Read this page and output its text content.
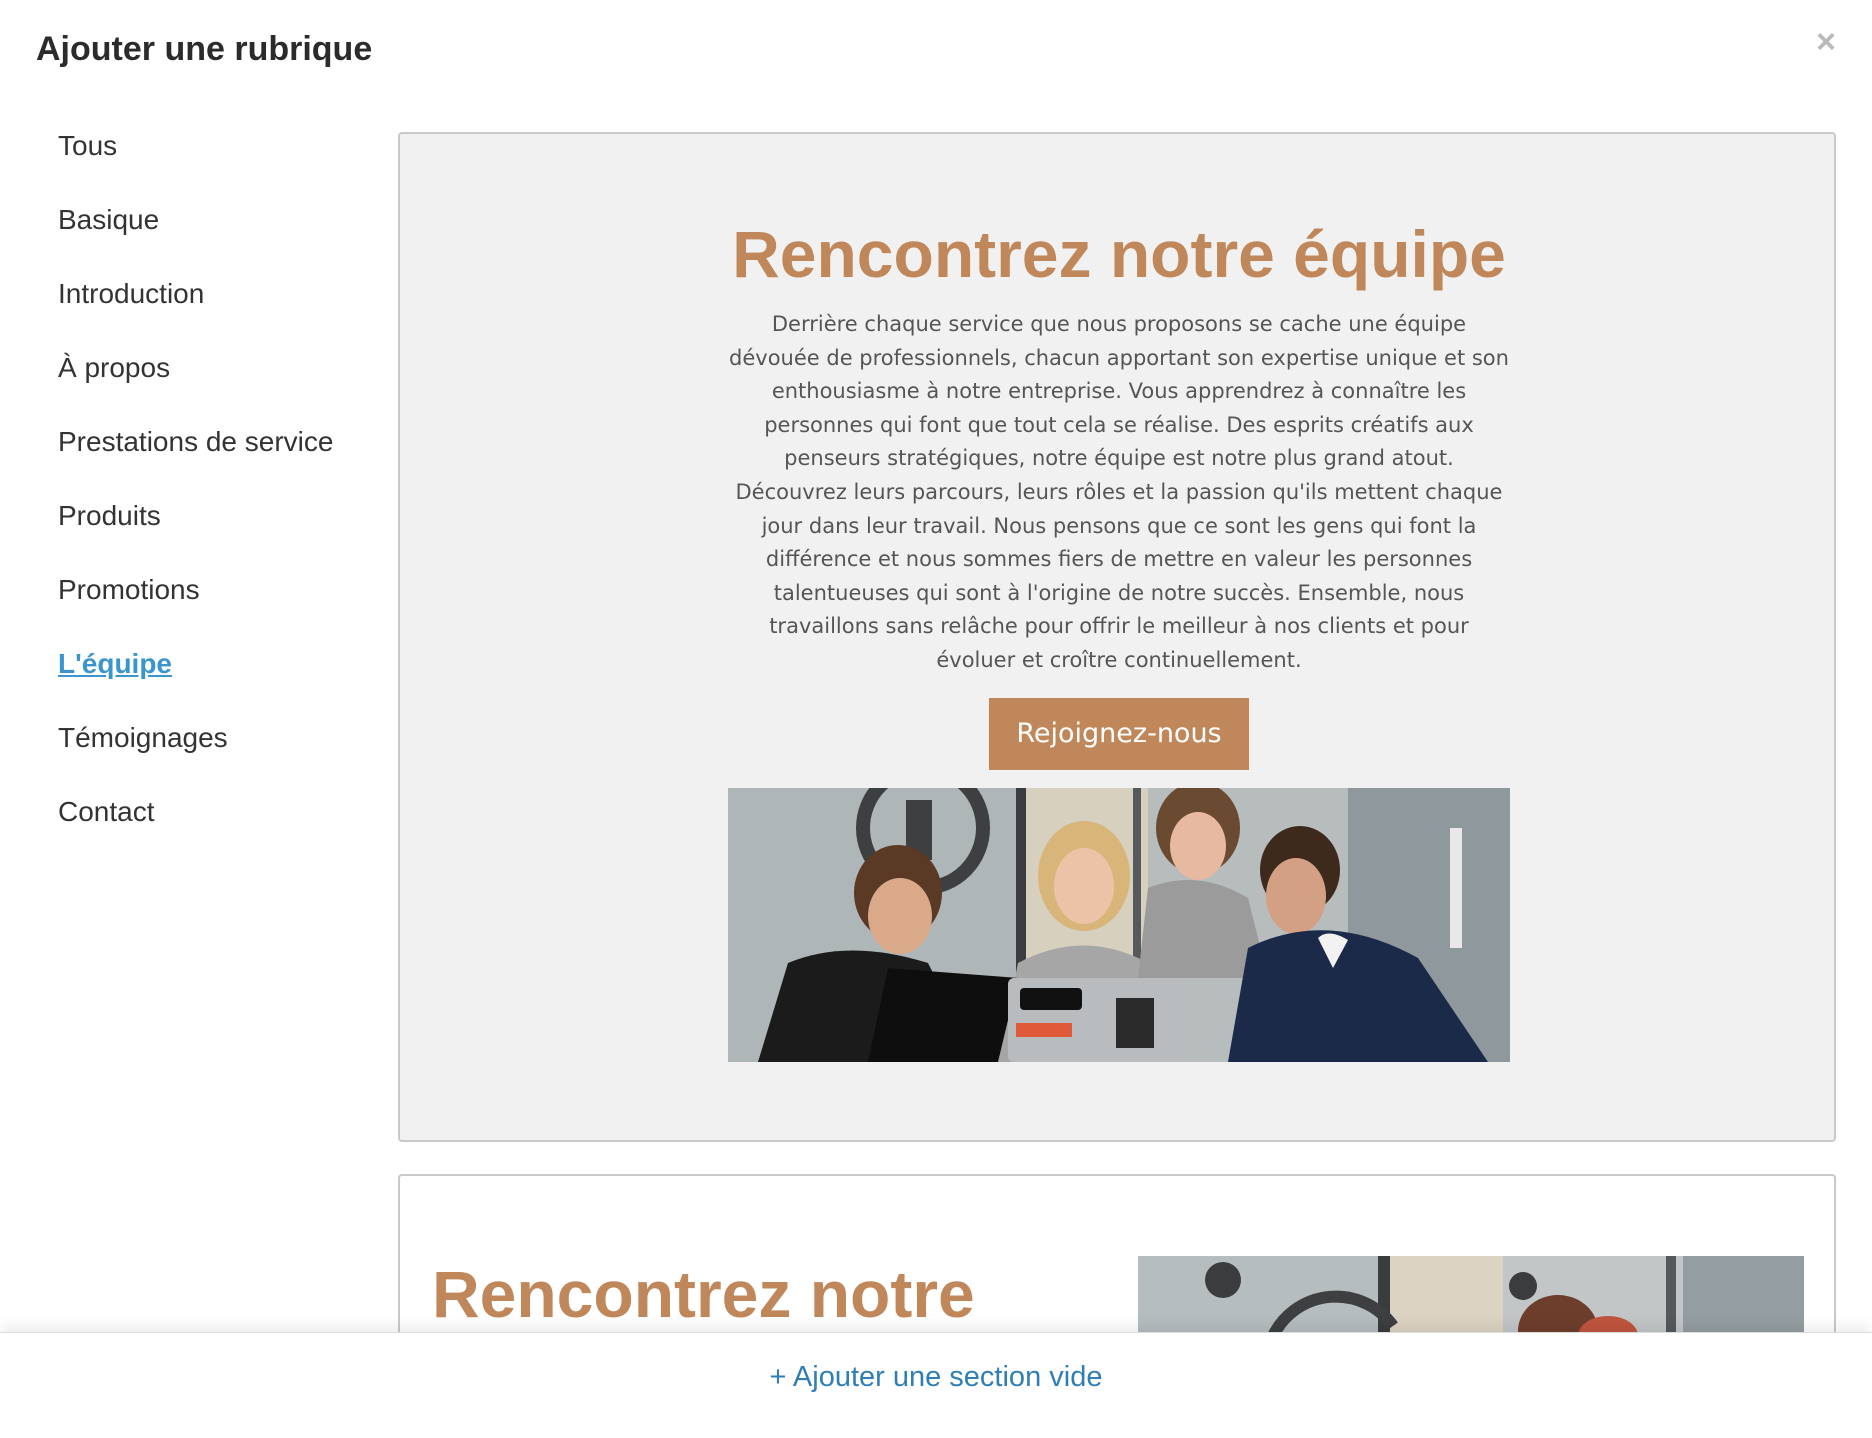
Ajouter une rubrique	×
Tous
Basique
Introduction
À propos
Prestations de service
Produits
Promotions
L'équipe
Témoignages
Contact
Rencontrez notre équipe

Derrière chaque service que nous proposons se cache une équipe dévouée de professionnels, chacun apportant son expertise unique et son enthousiasme à notre entreprise. Vous apprendrez à connaître les personnes qui font que tout cela se réalise. Des esprits créatifs aux penseurs stratégiques, notre équipe est notre plus grand atout. Découvrez leurs parcours, leurs rôles et la passion qu'ils mettent chaque jour dans leur travail. Nous pensons que ce sont les gens qui font la différence et nous sommes fiers de mettre en valeur les personnes talentueuses qui sont à l'origine de notre succès. Ensemble, nous travaillons sans relâche pour offrir le meilleur à nos clients et pour évoluer et croître continuellement.

Rejoignez-nous
Rencontrez notre
+ Ajouter une section vide
